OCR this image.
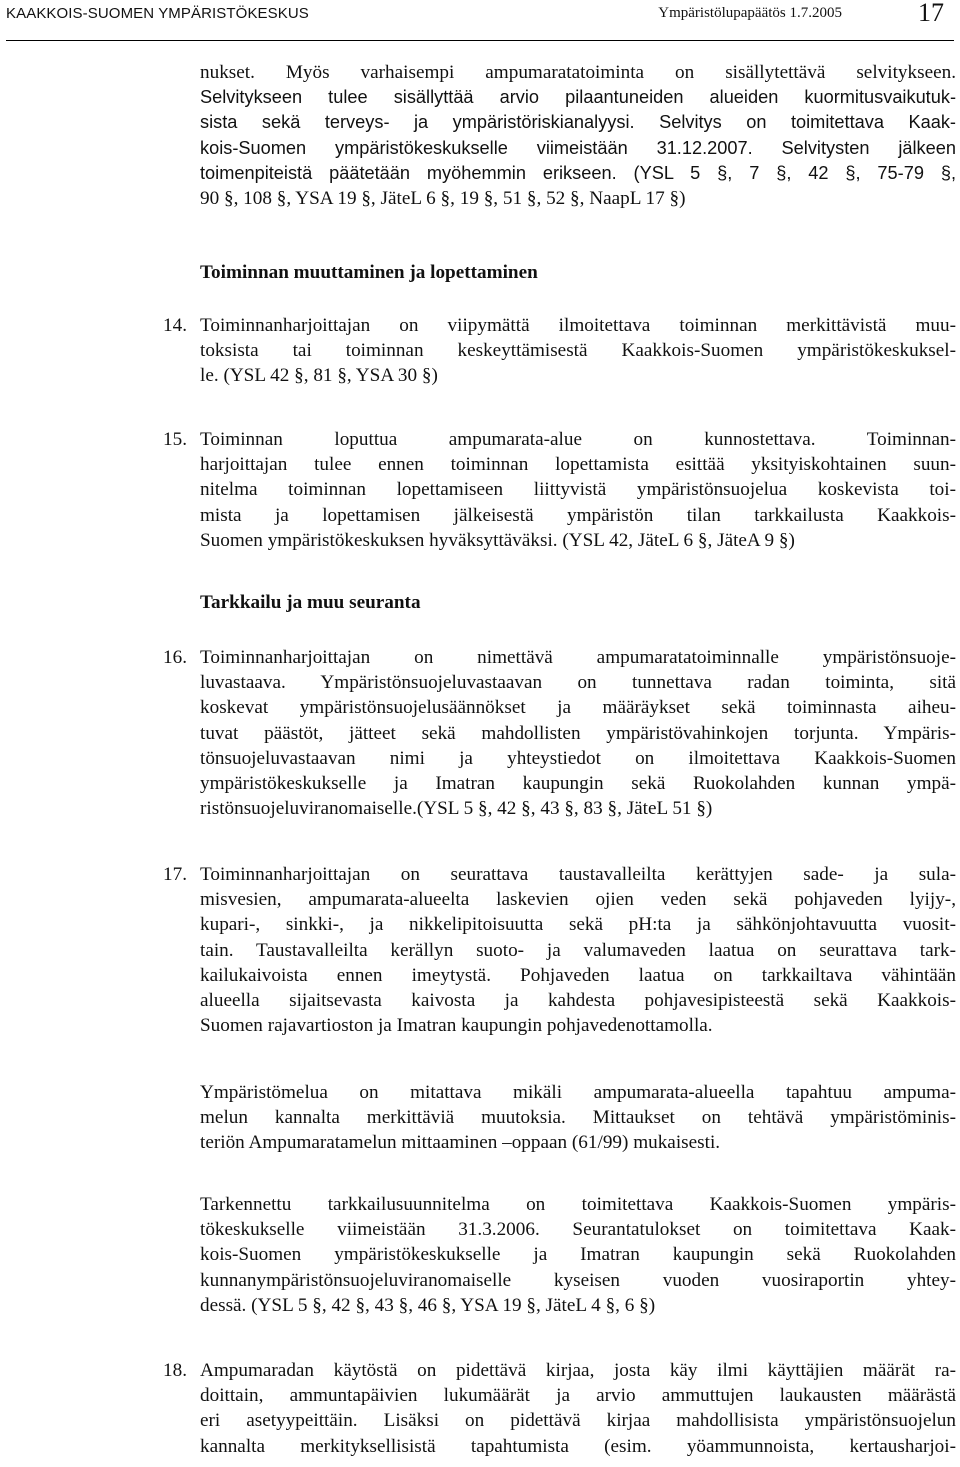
KAAKKOIS-SUOMEN YMPÄRISTÖKESKUS	Ympäristölupapäätös 1.7.2005	17
nukset. Myös varhaisempi ampumaratatoiminta on sisällytettävä selvitykseen.
Selvitykseen tulee sisällyttää arvio pilaantuneiden alueiden kuormitusvaikutuk-
sista sekä terveys- ja ympäristöriskianalyysi. Selvitys on toimitettava Kaak-
kois-Suomen ympäristökeskukselle viimeistään 31.12.2007. Selvitysten jälkeen
toimenpiteistä päätetään myöhemmin erikseen. (YSL 5 §, 7 §, 42 §, 75-79 §,
90 §, 108 §, YSA 19 §, JäteL 6 §, 19 §, 51 §, 52 §, NaapL 17 §)
Toiminnan muuttaminen ja lopettaminen
14. Toiminnanharjoittajan on viipymättä ilmoitettava toiminnan merkittävistä muu-
toksista tai toiminnan keskeyttämisestä Kaakkois-Suomen ympäristökeskuksel-
le. (YSL 42 §, 81 §, YSA 30 §)
15. Toiminnan loputtua ampumarata-alue on kunnostettava. Toiminnan-
harjoittajan tulee ennen toiminnan lopettamista esittää yksityiskohtainen suun-
nitelma toiminnan lopettamiseen liittyvistä ympäristönsuojelua koskevista toi-
mista ja lopettamisen jälkeisestä ympäristön tilan tarkkailusta Kaakkois-
Suomen ympäristökeskuksen hyväksyttäväksi. (YSL 42, JäteL 6 §, JäteA 9 §)
Tarkkailu ja muu seuranta
16. Toiminnanharjoittajan on nimettävä ampumaratatoiminnalle ympäristönsuoje-
luvastaava. Ympäristönsuojeluvastaavan on tunnettava radan toiminta, sitä
koskevat ympäristönsuojelusäännökset ja määräykset sekä toiminnasta aiheu-
tuvat päästöt, jätteet sekä mahdollisten ympäristövahinkojen torjunta. Ympäris-
tönsuojeluvastaavan nimi ja yhteystiedot on ilmoitettava Kaakkois-Suomen
ympäristökeskukselle ja Imatran kaupungin sekä Ruokolahden kunnan ympä-
ristönsuojeluviranomaiselle.(YSL 5 §, 42 §, 43 §, 83 §, JäteL 51 §)
17. Toiminnanharjoittajan on seurattava taustavalleilta kerättyjen sade- ja sula-
misvesien, ampumarata-alueelta laskevien ojien veden sekä pohjaveden lyijy-,
kupari-, sinkki-, ja nikkelipitoisuutta sekä pH:ta ja sähkönjohtavuutta vuosit-
tain. Taustavalleilta kerällyn suoto- ja valumaveden laatua on seurattava tark-
kailukaivoista ennen imeytystä. Pohjaveden laatua on tarkkailtava vähintään
alueella sijaitsevasta kaivosta ja kahdesta pohjavesipisteestä sekä Kaakkois-
Suomen rajavartioston ja Imatran kaupungin pohjavedenottamolla.
Ympäristömelua on mitattava mikäli ampumarata-alueella tapahtuu ampuma-
melun kannalta merkittäviä muutoksia. Mittaukset on tehtävä ympäristöminis-
teriön Ampumaratamelun mittaaminen –oppaan (61/99) mukaisesti.
Tarkennettu tarkkailusuunnitelma on toimitettava Kaakkois-Suomen ympäris-
tökeskukselle viimeistään 31.3.2006. Seurantatulokset on toimitettava Kaak-
kois-Suomen ympäristökeskukselle ja Imatran kaupungin sekä Ruokolahden
kunnanympäristönsuojeluviranomaiselle kyseisen vuoden vuosiraportin yhtey-
dessä. (YSL 5 §, 42 §, 43 §, 46 §, YSA 19 §, JäteL 4 §, 6 §)
18. Ampumaradan käytöstä on pidettävä kirjaa, josta käy ilmi käyttäjien määrät ra-
doittain, ammuntapäivien lukumäärät ja arvio ammuttujen laukausten määrästä
eri asetyypeittäin. Lisäksi on pidettävä kirjaa mahdollisista ympäristönsuojelun
kannalta merkityksellisistä tapahtumista (esim. yöammunnoista, kertausharjoi-
